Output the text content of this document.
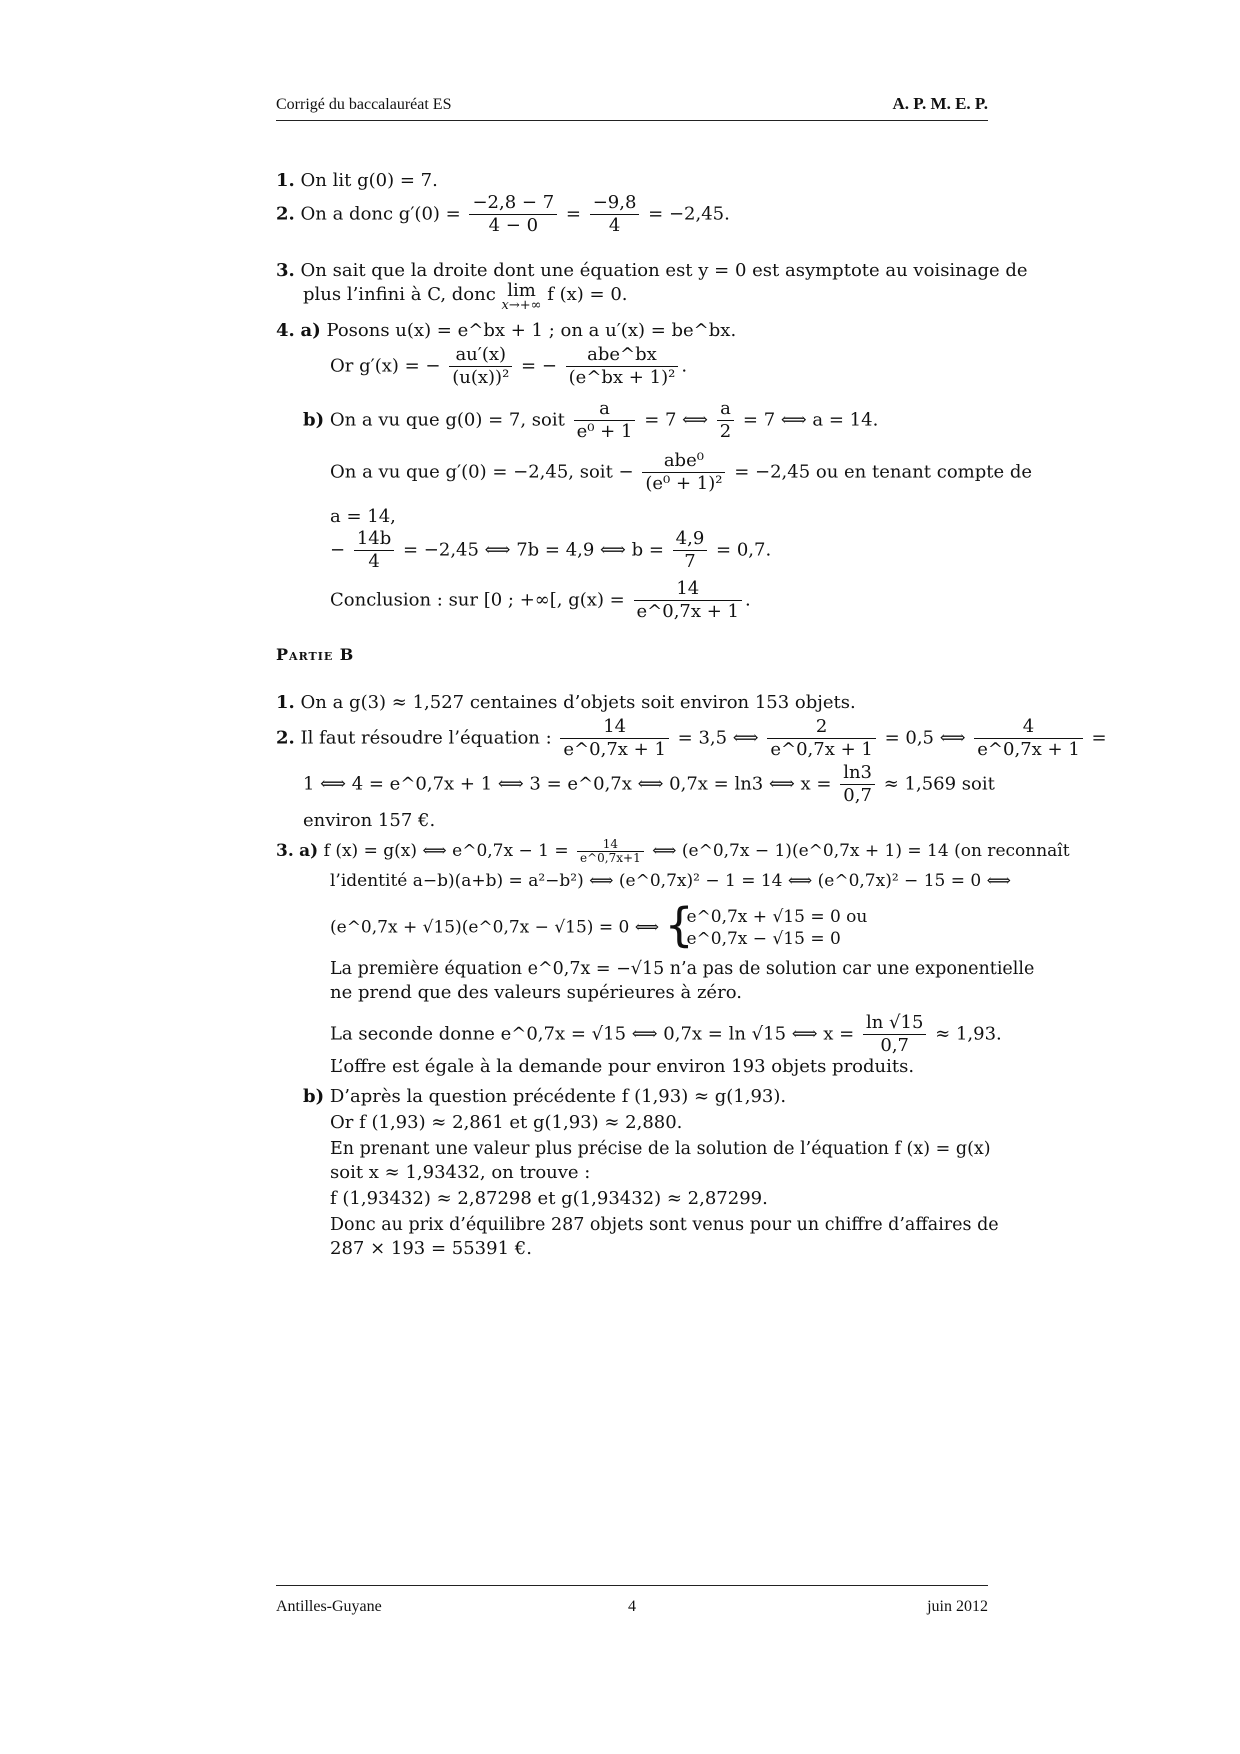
Corrigé du baccalauréat ES	A. P. M. E. P.
1. On lit g(0) = 7.
2. On a donc $g'(0) = \frac{-2,8 - 7}{4 - 0} = \frac{-9,8}{4} = -2,45$.
3. On sait que la droite dont une équation est y = 0 est asymptote au voisinage de
plus l’infini à C, donc lim
x→+∞
f (x) = 0.
4. a) Posons u(x) = e^bx + 1 ; on a u′(x) = be^bx.
Or g′(x) = − $\frac{au'(x)}{\text{(u(x))²}}$ = − $\frac{\text{abe\textasciicircum{}bx}}{\text{(e\textasciicircum{}bx + 1)²}}$ .
b) On a vu que g(0) = 7, soit $\frac{a}{\text{e⁰ + 1}} = 7$ ⟺ $\frac{a}{2} = 7$ ⟺ a = 14.
On a vu que g′(0) = −2,45, soit − $\frac{\text{abe⁰}}{\text{(e⁰ + 1)²}} = -2,45$ ou en tenant compte de
a = 14,
− $\frac{14b}{4} = -2,45$ ⟺ 7b = 4,9 ⟺ $b = \frac{4,9}{7} = 0,7$.
Conclusion : sur [0 ; +∞[, $g(x) = \frac{14}{e\^{}0,7x + 1}$ .
Partie B
1. On a g(3) ≈ 1,527 centaines d’objets soit environ 153 objets.
2. Il faut résoudre l’équation : $\frac{14}{e\^{}0,7x + 1} = 3,5$ ⟺ $\frac{2}{e\^{}0,7x + 1} = 0,5$ ⟺ $\frac{4}{e\^{}0,7x + 1}$ =
1 ⟺ 4 = e^0,7x + 1 ⟺ 3 = e^0,7x ⟺ 0,7x = ln3 ⟺ $x = \frac{\ln 3}{0,7} \approx 1,569$ soit
environ 157 €.
3. a) f (x) = g(x) ⟺ e^0,7x − $1 = \frac{14}{e\^{}0,7x+1}$ ⟺ (e^0,7x − 1)(e^0,7x + 1) = 14 (on reconnaît
l’identité a−b)(a+b) = a²−b²) ⟺ (e^0,7x)² − 1 = 14 ⟺ (e^0,7x)² − 15 = 0 ⟺
(e^0,7x + √15)(e^0,7x − √15) = 0 ⟺ {
e^0,7x + √15 = 0 ou
e^0,7x − √15 = 0
La première équation e^0,7x = −√15 n’a pas de solution car une exponentielle
ne prend que des valeurs supérieures à zéro.
La seconde donne e^0,7x = √15 ⟺ 0,7x = ln √15 ⟺ $x = \frac{\ln √15}{0,7} \approx 1,93$.
L’offre est égale à la demande pour environ 193 objets produits.
b) D’après la question précédente f (1,93) ≈ g(1,93).
Or f (1,93) ≈ 2,861 et g(1,93) ≈ 2,880.
En prenant une valeur plus précise de la solution de l’équation f (x) = g(x)
soit x ≈ 1,93432, on trouve :
f (1,93432) ≈ 2,87298 et g(1,93432) ≈ 2,87299.
Donc au prix d’équilibre 287 objets sont venus pour un chiffre d’affaires de
287 × 193 = 55391 €.
Antilles-Guyane	4	juin 2012
